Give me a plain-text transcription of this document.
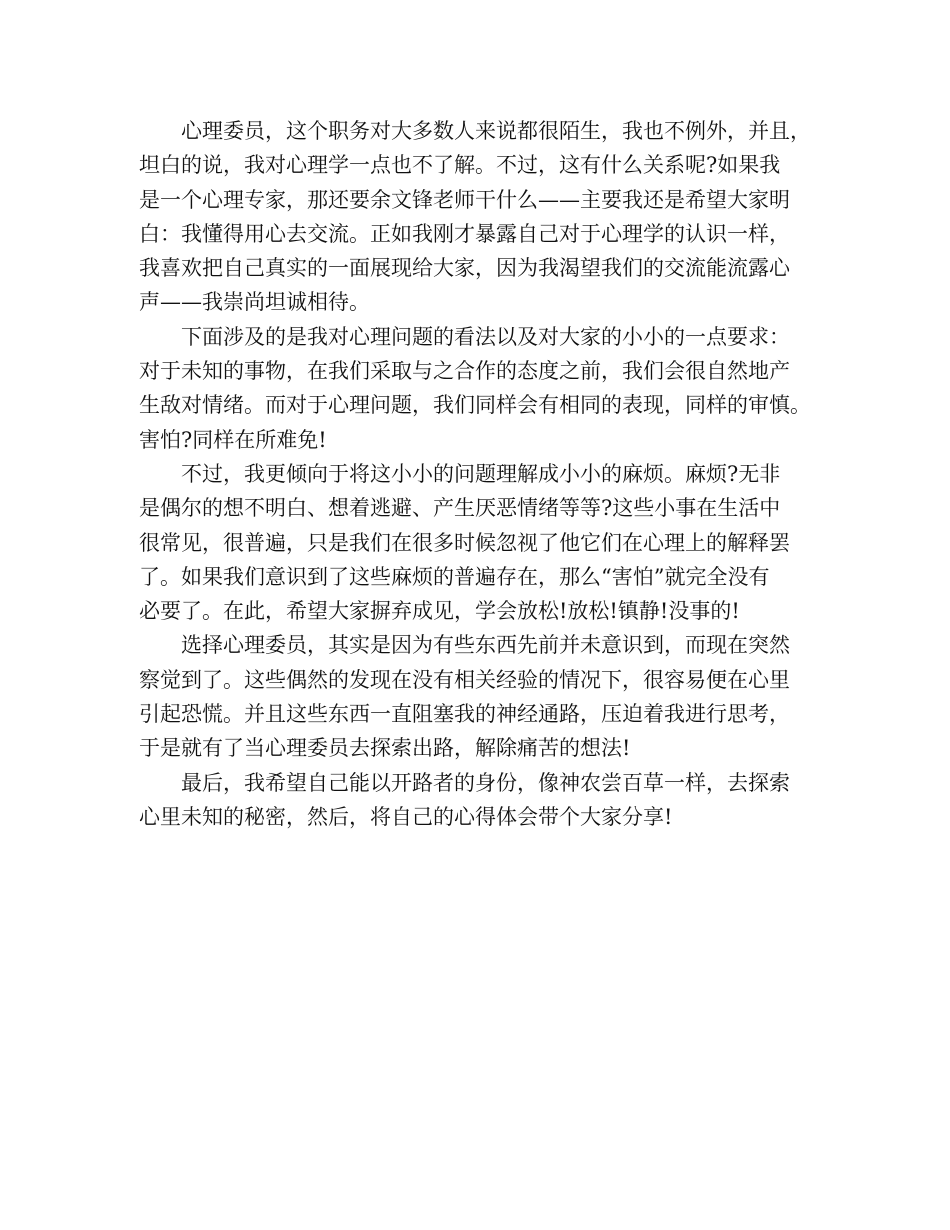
心理委员，这个职务对大多数人来说都很陌生，我也不例外，并且，
坦白的说，我对心理学一点也不了解。不过，这有什么关系呢?如果我
是一个心理专家，那还要余文锋老师干什么——主要我还是希望大家明
白：我懂得用心去交流。正如我刚才暴露自己对于心理学的认识一样，
我喜欢把自己真实的一面展现给大家，因为我渴望我们的交流能流露心
声——我崇尚坦诚相待。

下面涉及的是我对心理问题的看法以及对大家的小小的一点要求：
对于未知的事物，在我们采取与之合作的态度之前，我们会很自然地产
生敌对情绪。而对于心理问题，我们同样会有相同的表现，同样的审慎。
害怕?同样在所难免!

不过，我更倾向于将这小小的问题理解成小小的麻烦。麻烦?无非
是偶尔的想不明白、想着逃避、产生厌恶情绪等等?这些小事在生活中
很常见，很普遍，只是我们在很多时候忽视了他它们在心理上的解释罢
了。如果我们意识到了这些麻烦的普遍存在，那么“害怕”就完全没有
必要了。在此，希望大家摒弃成见，学会放松!放松!镇静!没事的!

选择心理委员，其实是因为有些东西先前并未意识到，而现在突然
察觉到了。这些偶然的发现在没有相关经验的情况下，很容易便在心里
引起恐慌。并且这些东西一直阻塞我的神经通路，压迫着我进行思考，
于是就有了当心理委员去探索出路，解除痛苦的想法!

最后，我希望自己能以开路者的身份，像神农尝百草一样，去探索
心里未知的秘密，然后，将自己的心得体会带个大家分享!
